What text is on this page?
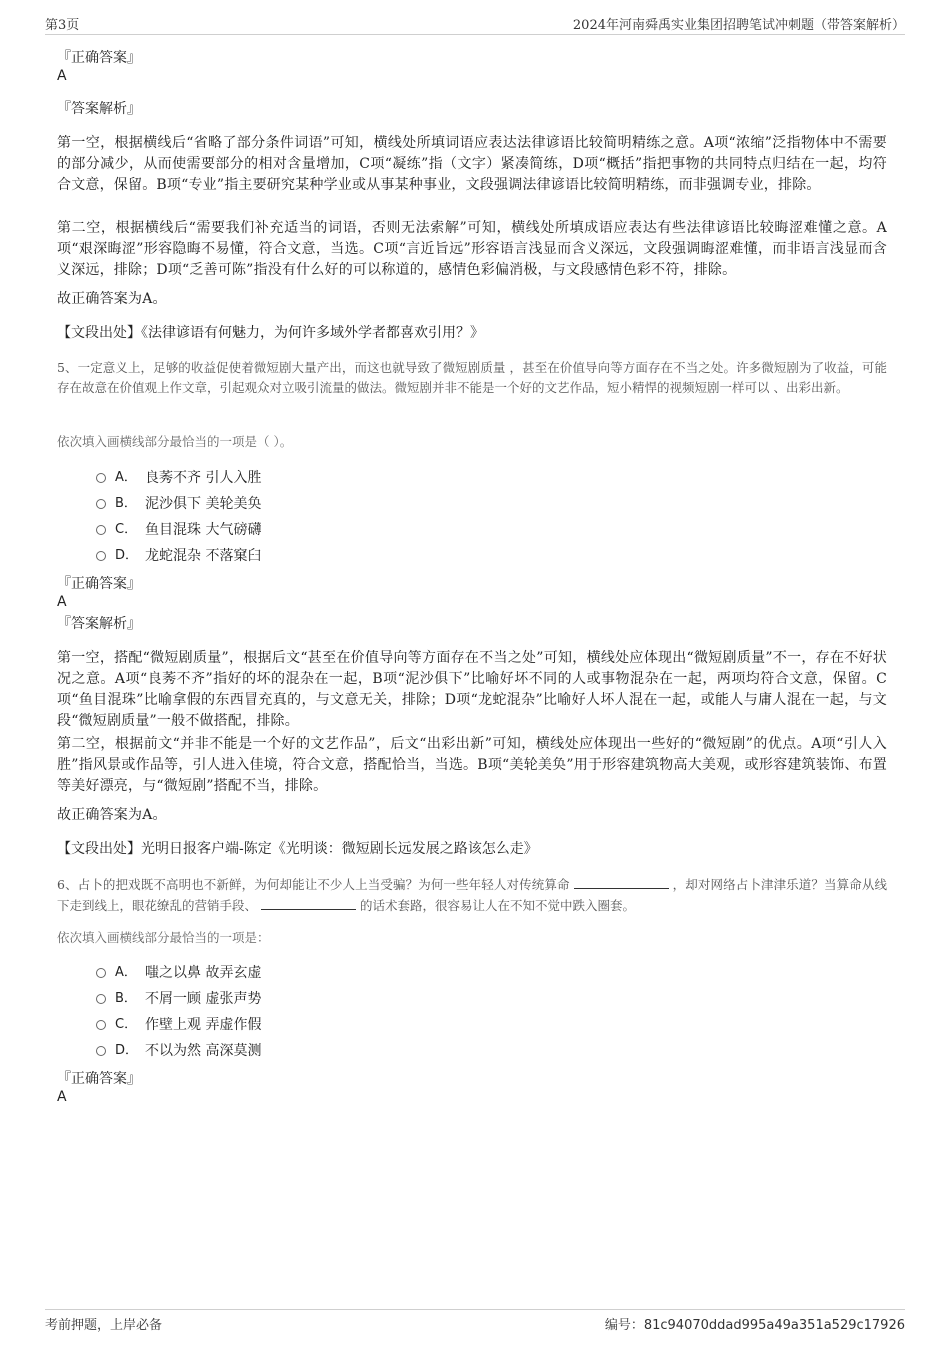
第3页	2024年河南舜禹实业集团招聘笔试冲刺题（带答案解析）
『正确答案』
A
『答案解析』
第一空，根据横线后“省略了部分条件词语”可知，横线处所填词语应表达法律谚语比较简明精练之意。A项“浓缩”泛指物体中不需要的部分减少，从而使需要部分的相对含量增加，C项“凝练”指（文字）紧凑简练，D项“概括”指把事物的共同特点归结在一起，均符合文意，保留。B项“专业”指主要研究某种学业或从事某种事业，文段强调法律谚语比较简明精练，而非强调专业，排除。
第二空，根据横线后“需要我们补充适当的词语，否则无法索解”可知，横线处所填成语应表达有些法律谚语比较晦涩难懂之意。A项“艰深晦涩”形容隐晦不易懂，符合文意，当选。C项“言近旨远”形容语言浅显而含义深远，文段强调晦涩难懂，而非语言浅显而含义深远，排除；D项“乏善可陈”指没有什么好的可以称道的，感情色彩偏消极，与文段感情色彩不符，排除。
故正确答案为A。
【文段出处】《法律谚语有何魅力，为何许多域外学者都喜欢引用？》
5、一定意义上，足够的收益促使着微短剧大量产出，而这也就导致了微短剧质量 ，甚至在价值导向等方面存在不当之处。许多微短剧为了收益，可能存在故意在价值观上作文章，引起观众对立吸引流量的做法。微短剧并非不能是一个好的文艺作品，短小精悍的视频短剧一样可以 、出彩出新。
依次填入画横线部分最恰当的一项是（ ）。
A． 良莠不齐 引人入胜
B． 泥沙俱下 美轮美奂
C． 鱼目混珠 大气磅礴
D． 龙蛇混杂 不落窠臼
『正确答案』
A
『答案解析』
第一空，搭配“微短剧质量”，根据后文“甚至在价值导向等方面存在不当之处”可知，横线处应体现出“微短剧质量”不一，存在不好状况之意。A项“良莠不齐”指好的坏的混杂在一起，B项“泥沙俱下”比喻好坏不同的人或事物混杂在一起，两项均符合文意，保留。C项“鱼目混珠”比喻拿假的东西冒充真的，与文意无关，排除；D项“龙蛇混杂”比喻好人坏人混在一起，或能人与庸人混在一起，与文段“微短剧质量”一般不做搭配，排除。
第二空，根据前文“并非不能是一个好的文艺作品”，后文“出彩出新”可知，横线处应体现出一些好的“微短剧”的优点。A项“引人入胜”指风景或作品等，引人进入佳境，符合文意，搭配恰当，当选。B项“美轮美奂”用于形容建筑物高大美观，或形容建筑装饰、布置等美好漂亮，与“微短剧”搭配不当，排除。
故正确答案为A。
【文段出处】光明日报客户端-陈定《光明谈：微短剧长远发展之路该怎么走》
6、占卜的把戏既不高明也不新鲜，为何却能让不少人上当受骗？为何一些年轻人对传统算命	，却对网络占卜津津乐道？当算命从线下走到线上，眼花缭乱的营销手段、	的话术套路，很容易让人在不知不觉中跌入圈套。
依次填入画横线部分最恰当的一项是：
A． 嗤之以鼻 故弄玄虚
B． 不屑一顾 虚张声势
C． 作壁上观 弄虚作假
D． 不以为然 高深莫测
『正确答案』
A
考前押题，上岸必备	编号：81c94070ddad995a49a351a529c17926
